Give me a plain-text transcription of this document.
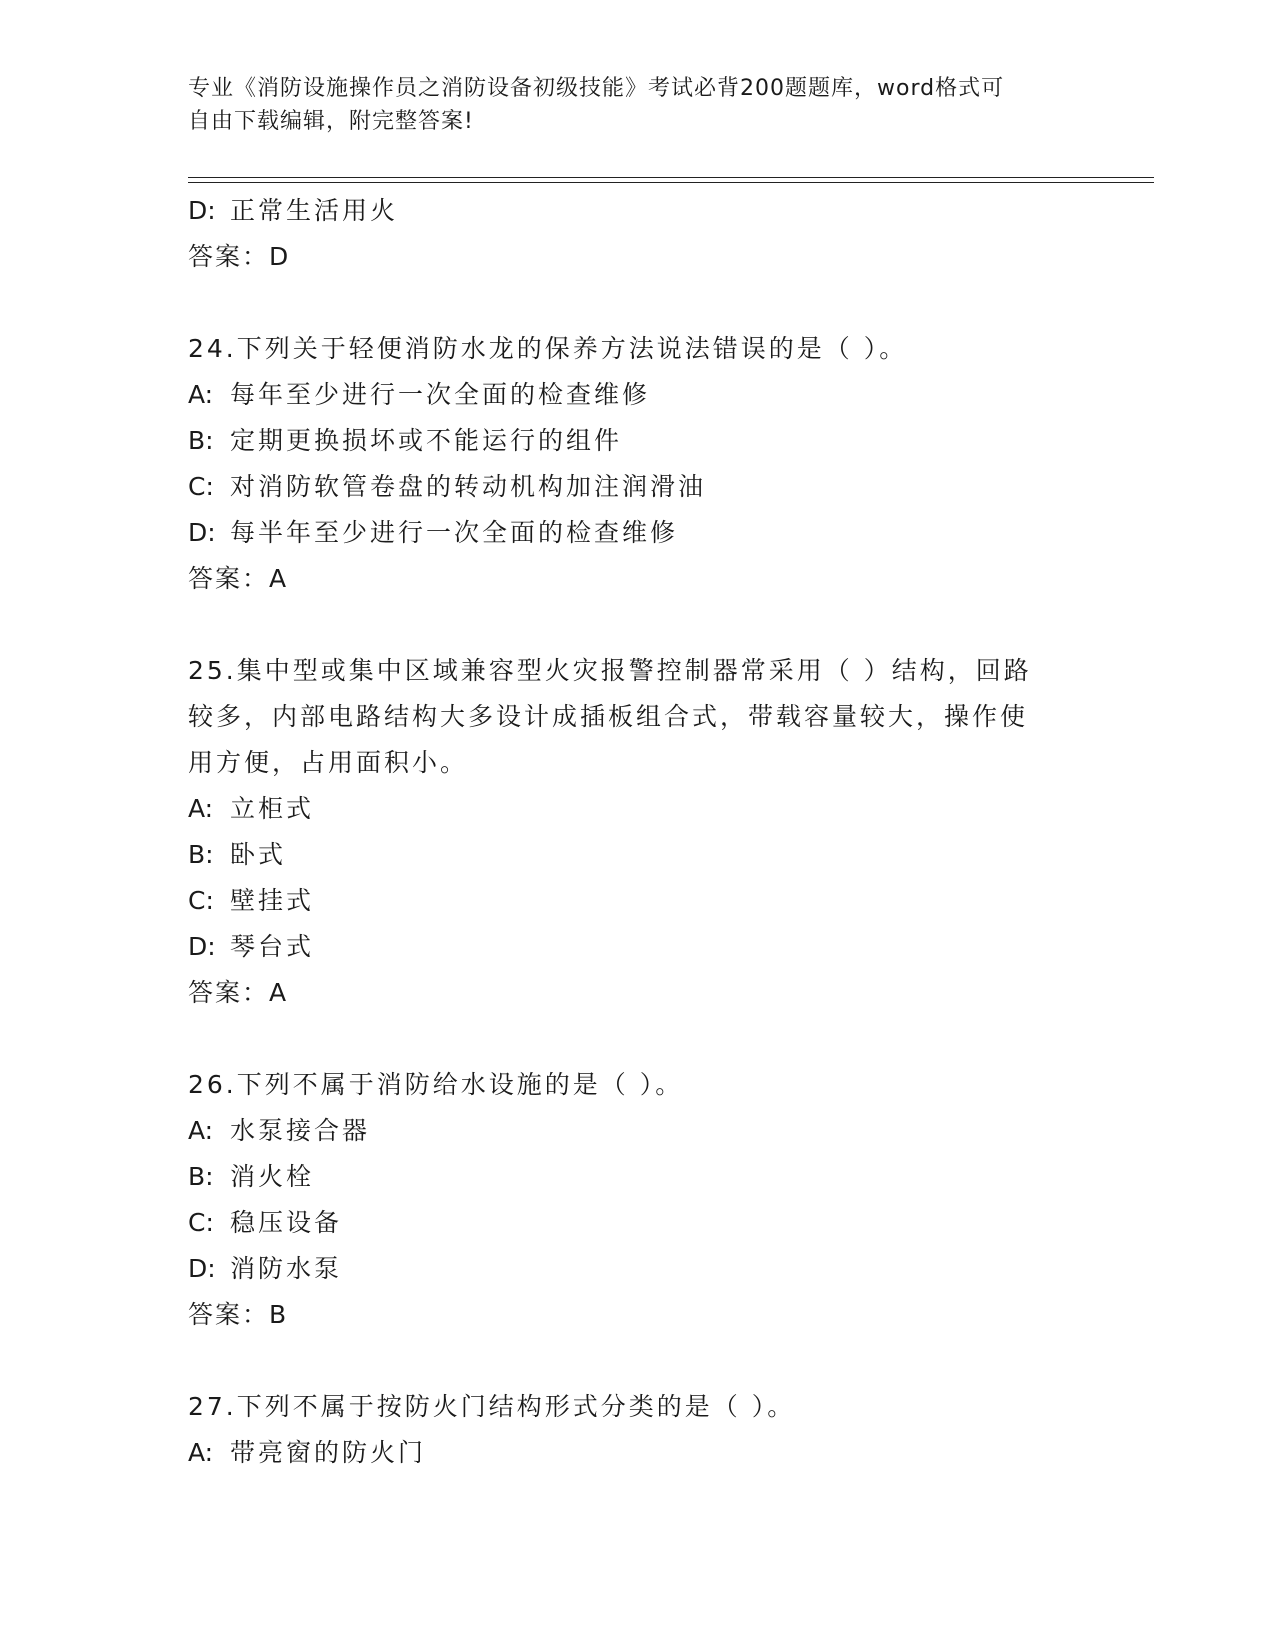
专业《消防设施操作员之消防设备初级技能》考试必背200题题库，word格式可
自由下载编辑，附完整答案!
D: 正常生活用火
答案：D
24.下列关于轻便消防水龙的保养方法说法错误的是（ ）。
A: 每年至少进行一次全面的检查维修
B: 定期更换损坏或不能运行的组件
C: 对消防软管卷盘的转动机构加注润滑油
D: 每半年至少进行一次全面的检查维修
答案：A
25.集中型或集中区域兼容型火灾报警控制器常采用（ ）结构，回路
较多，内部电路结构大多设计成插板组合式，带载容量较大，操作使
用方便，占用面积小。
A: 立柜式
B: 卧式
C: 壁挂式
D: 琴台式
答案：A
26.下列不属于消防给水设施的是（ ）。
A: 水泵接合器
B: 消火栓
C: 稳压设备
D: 消防水泵
答案：B
27.下列不属于按防火门结构形式分类的是（ ）。
A: 带亮窗的防火门
